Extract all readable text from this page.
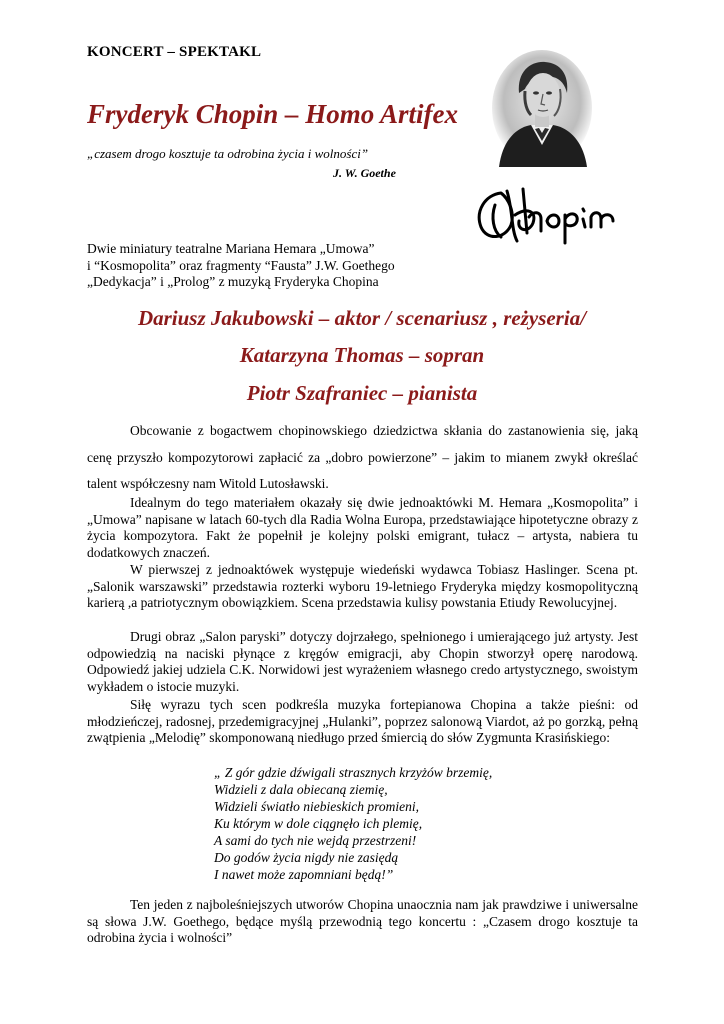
KONCERT – SPEKTAKL
Fryderyk Chopin – Homo Artifex
„czasem drogo kosztuje ta odrobina życia i wolności”
J. W. Goethe
Dwie miniatury teatralne Mariana Hemara „Umowa”
i “Kosmopolita” oraz fragmenty “Fausta” J.W. Goethego
„Dedykacja” i „Prolog” z muzyką Fryderyka Chopina
Dariusz Jakubowski – aktor / scenariusz , reżyseria/
Katarzyna Thomas – sopran
Piotr Szafraniec – pianista
Obcowanie z bogactwem chopinowskiego dziedzictwa skłania do zastanowienia się, jaką cenę przyszło kompozytorowi zapłacić za „dobro powierzone” – jakim to mianem zwykł określać talent współczesny nam Witold Lutosławski.
Idealnym do tego materiałem okazały się dwie jednoaktówki M. Hemara „Kosmopolita” i „Umowa” napisane w latach 60-tych dla Radia Wolna Europa, przedstawiające hipotetyczne obrazy z życia kompozytora. Fakt że popełnił je kolejny polski emigrant, tułacz – artysta, nabiera tu dodatkowych znaczeń.
W pierwszej z jednoaktówek występuje wiedeński wydawca Tobiasz Haslinger. Scena pt. „Salonik warszawski” przedstawia rozterki wyboru 19-letniego Fryderyka między kosmopolityczną karierą ,a patriotycznym obowiązkiem. Scena przedstawia kulisy powstania Etiudy Rewolucyjnej.
Drugi obraz „Salon paryski” dotyczy dojrzałego, spełnionego i umierającego już artysty. Jest odpowiedzią na naciski płynące z kręgów emigracji, aby Chopin stworzył operę narodową. Odpowiedź jakiej udziela C.K. Norwidowi jest wyrażeniem własnego credo artystycznego, swoistym wykładem o istocie muzyki.
Siłę wyrazu tych scen podkreśla muzyka fortepianowa Chopina a także pieśni: od młodzieńczej, radosnej, przedemigracyjnej „Hulanki”, poprzez salonową Viardot, aż po gorzką, pełną zwątpienia „Melodię” skomponowaną niedługo przed śmiercią do słów Zygmunta Krasińskiego:
„ Z gór gdzie dźwigali strasznych krzyżów brzemię,
Widzieli z dala obiecaną ziemię,
Widzieli światło niebieskich promieni,
Ku którym w dole ciągnęło ich plemię,
A sami do tych nie wejdą przestrzeni!
Do godów życia nigdy nie zasiędą
I nawet może zapomniani będą!”
Ten jeden z najboleśniejszych utworów Chopina unaocznia nam jak prawdziwe i uniwersalne są słowa J.W. Goethego, będące myślą przewodnią tego koncertu : „Czasem drogo kosztuje ta odrobina życia i wolności”
